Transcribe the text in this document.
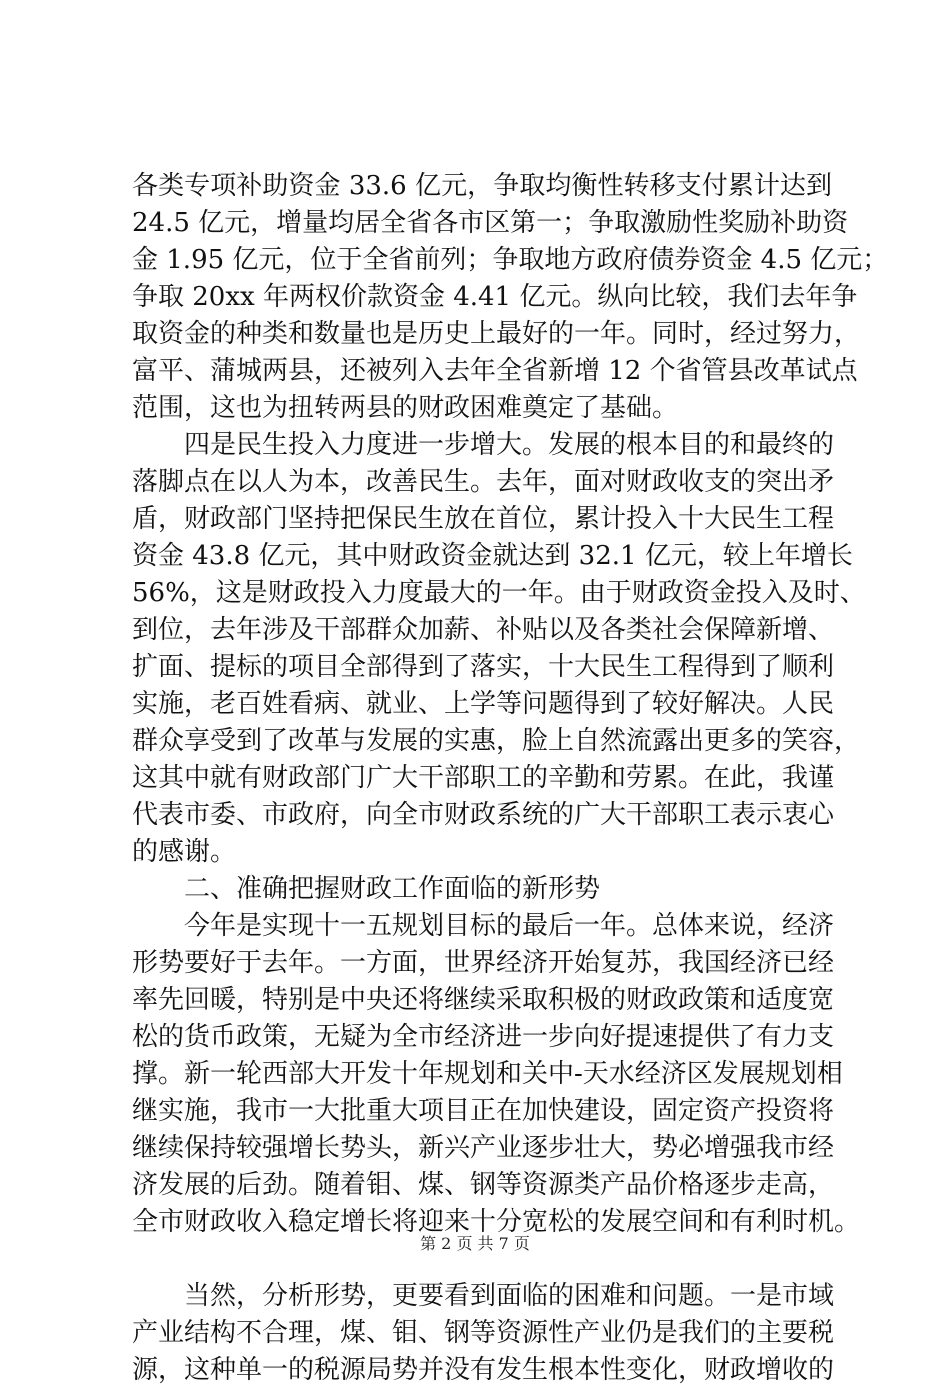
各类专项补助资金 33.6 亿元，争取均衡性转移支付累计达到
24.5 亿元，增量均居全省各市区第一；争取激励性奖励补助资
金 1.95 亿元，位于全省前列；争取地方政府债券资金 4.5 亿元；
争取 20xx 年两权价款资金 4.41 亿元。纵向比较，我们去年争
取资金的种类和数量也是历史上最好的一年。同时，经过努力，
富平、蒲城两县，还被列入去年全省新增 12 个省管县改革试点
范围，这也为扭转两县的财政困难奠定了基础。
四是民生投入力度进一步增大。发展的根本目的和最终的
落脚点在以人为本，改善民生。去年，面对财政收支的突出矛
盾，财政部门坚持把保民生放在首位，累计投入十大民生工程
资金 43.8 亿元，其中财政资金就达到 32.1 亿元，较上年增长
56%，这是财政投入力度最大的一年。由于财政资金投入及时、
到位，去年涉及干部群众加薪、补贴以及各类社会保障新增、
扩面、提标的项目全部得到了落实，十大民生工程得到了顺利
实施，老百姓看病、就业、上学等问题得到了较好解决。人民
群众享受到了改革与发展的实惠，脸上自然流露出更多的笑容，
这其中就有财政部门广大干部职工的辛勤和劳累。在此，我谨
代表市委、市政府，向全市财政系统的广大干部职工表示衷心
的感谢。
二、准确把握财政工作面临的新形势
今年是实现十一五规划目标的最后一年。总体来说，经济
形势要好于去年。一方面，世界经济开始复苏，我国经济已经
率先回暖，特别是中央还将继续采取积极的财政政策和适度宽
松的货币政策，无疑为全市经济进一步向好提速提供了有力支
撑。新一轮西部大开发十年规划和关中-天水经济区发展规划相
继实施，我市一大批重大项目正在加快建设，固定资产投资将
继续保持较强增长势头，新兴产业逐步壮大，势必增强我市经
济发展的后劲。随着钼、煤、钢等资源类产品价格逐步走高，
全市财政收入稳定增长将迎来十分宽松的发展空间和有利时机。
当然，分析形势，更要看到面临的困难和问题。一是市域
产业结构不合理，煤、钼、钢等资源性产业仍是我们的主要税
源，这种单一的税源局势并没有发生根本性变化，财政增收的
第 2 页 共 7 页
